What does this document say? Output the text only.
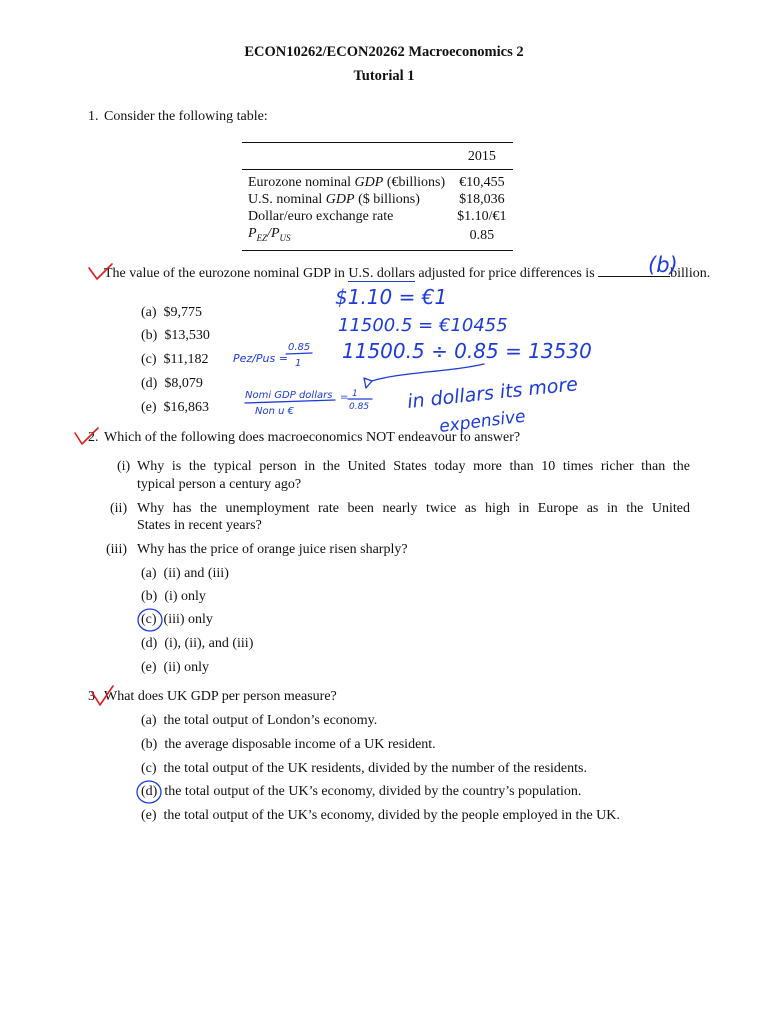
ECON10262/ECON20262 Macroeconomics 2
Tutorial 1
1. Consider the following table:
	2015
Eurozone nominal GDP (€billions)	€10,455
U.S. nominal GDP ($ billions)	$18,036
Dollar/euro exchange rate	$1.10/€1
$P_{EZ}/P_{US}$	0.85
The value of the eurozone nominal GDP in U.S. dollars adjusted for price differences is	billion.
(a) $9,775
(b) $13,530
(c) $11,182
(d) $8,079
(e) $16,863
2. Which of the following does macroeconomics NOT endeavour to answer?
(i) Why is the typical person in the United States today more than 10 times richer than the
typical person a century ago?
(ii) Why has the unemployment rate been nearly twice as high in Europe as in the United
States in recent years?
(iii) Why has the price of orange juice risen sharply?
(a) (ii) and (iii)
(b) (i) only
(c) (iii) only
(d) (i), (ii), and (iii)
(e) (ii) only
3. What does UK GDP per person measure?
(a) the total output of London’s economy.
(b) the average disposable income of a UK resident.
(c) the total output of the UK residents, divided by the number of the residents.
(d) the total output of the UK’s economy, divided by the country’s population.
(e) the total output of the UK’s economy, divided by the people employed in the UK.
(b)
$1.10 = €1
11500.5 = €10455
11500.5 ÷ 0.85 = 13530
Pez/Pus =
0.85
1
Nomi GDP dollars
Non u €
= 1
0.85 in dollars its more
expensive
